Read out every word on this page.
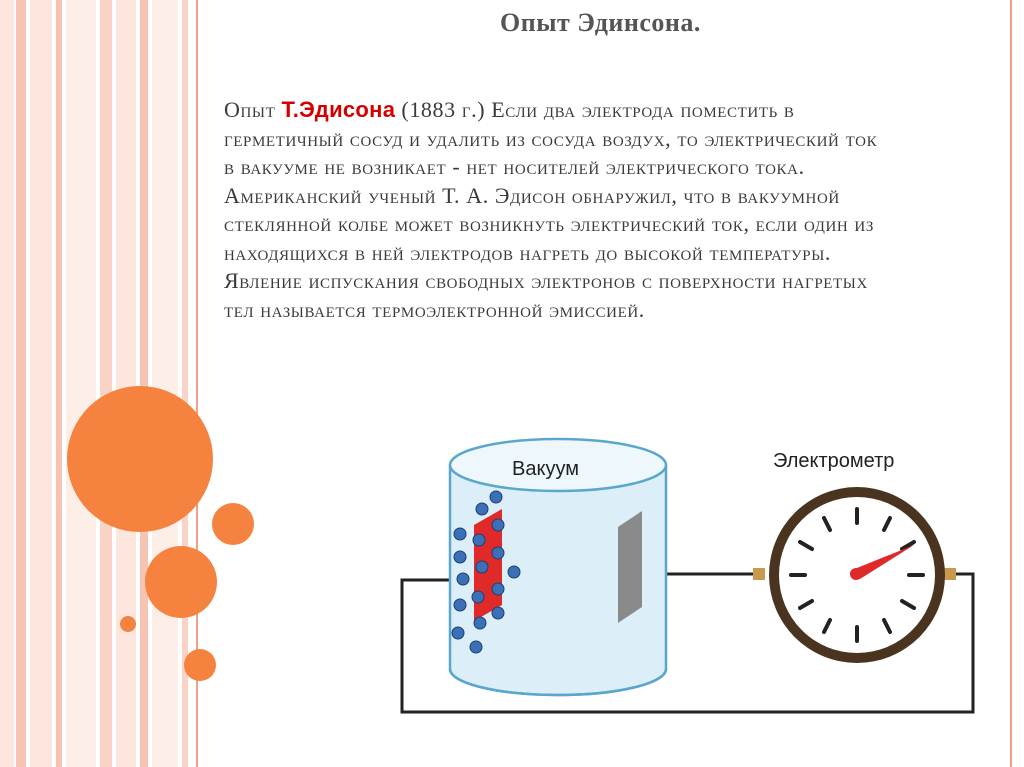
Опыт Эдинсона.
Опыт Т.Эдисона (1883 г.) Если два электрода поместить в герметичный сосуд и удалить из сосуда воздух, то электрический ток в вакууме не возникает - нет носителей электрического тока. Американский ученый Т. А. Эдисон обнаружил, что в вакуумной стеклянной колбе может возникнуть электрический ток, если один из находящихся в ней электродов нагреть до высокой температуры. Явление испускания свободных электронов с поверхности нагретых тел называется термоэлектронной эмиссией.
Вакуум	Электрометр
